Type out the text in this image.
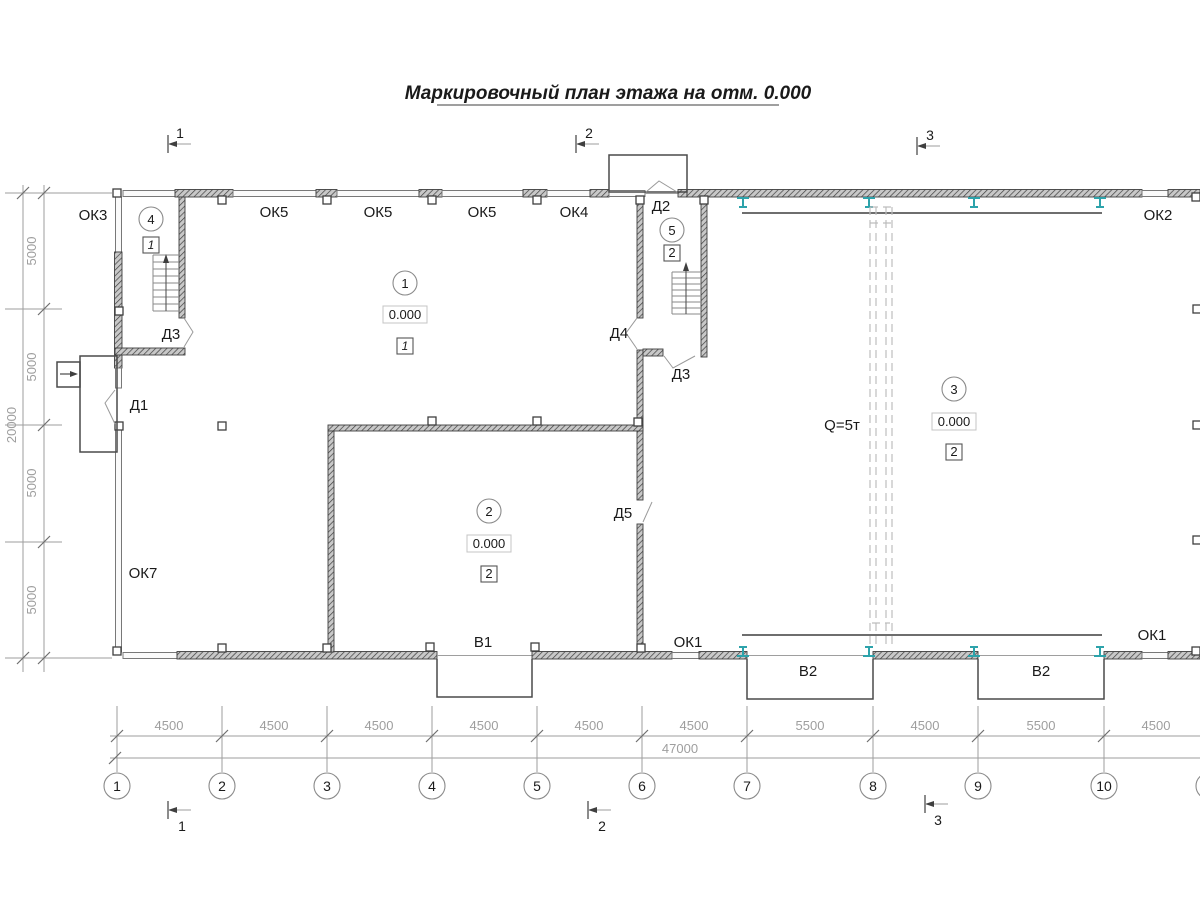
Маркировочный план этажа на отм. 0.000
1	2	3
5000
5000
5000
5000
20000
4500	4500	4500	4500	4500	4500	5500	4500	5500	4500
47000
1	2	3	4	5	6	7	8	9	10
1	2	3
Q=5т
ОК3	ОК5	ОК5	ОК5	ОК4	ОК2
ОК7
ОК1	ОК1
В1
В2	В2
Д1
Д2
Д3
Д3
Д4
Д5
1
0.000
1
2
0.000
2
3
0.000
2
4
1
5
2
